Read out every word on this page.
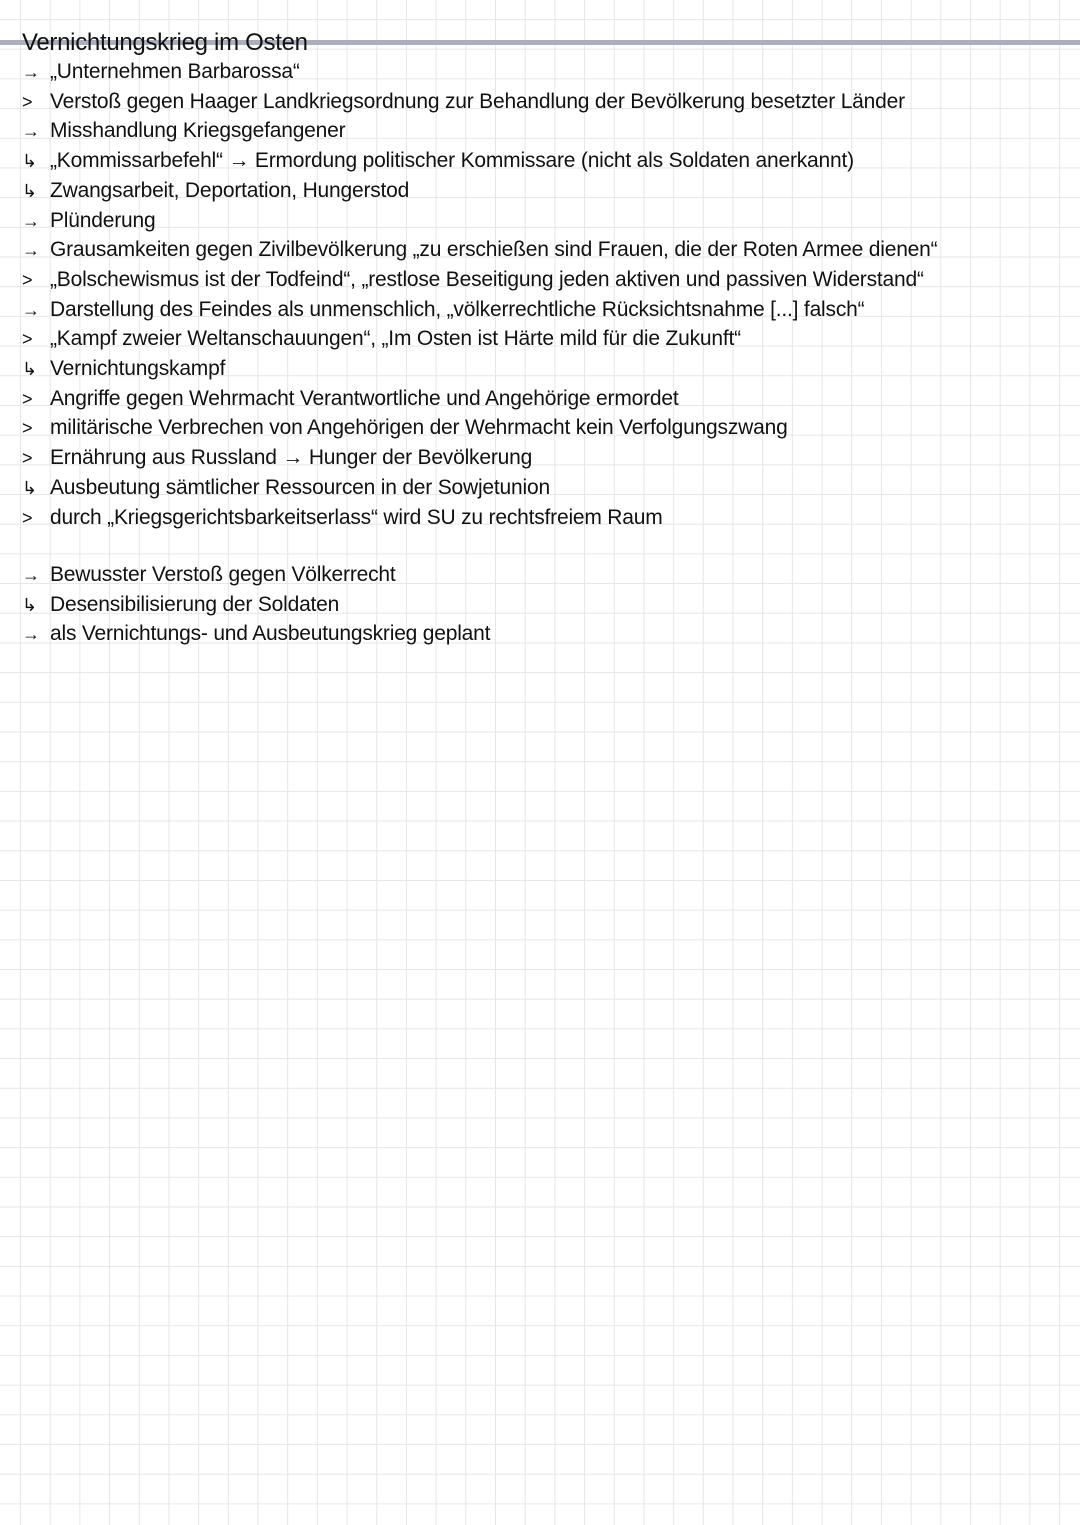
Vernichtungskrieg im Osten
→ „Unternehmen Barbarossa“
> Verstoß gegen Haager Landkriegsordnung zur Behandlung der Bevölkerung besetzter Länder
→ Misshandlung Kriegsgefangener
↳ „Kommissarbefehl“ → Ermordung politischer Kommissare (nicht als Soldaten anerkannt)
↳ Zwangsarbeit, Deportation, Hungerstod
→ Plünderung
→ Grausamkeiten gegen Zivilbevölkerung „zu erschießen sind Frauen, die der Roten Armee dienen“
> „Bolschewismus ist der Todfeind“, „restlose Beseitigung jeden aktiven und passiven Widerstand“
→ Darstellung des Feindes als unmenschlich, „völkerrechtliche Rücksichtsnahme [...] falsch“
> „Kampf zweier Weltanschauungen“, „Im Osten ist Härte mild für die Zukunft“
↳ Vernichtungskampf
> Angriffe gegen Wehrmacht Verantwortliche und Angehörige ermordet
> militärische Verbrechen von Angehörigen der Wehrmacht kein Verfolgungszwang
> Ernährung aus Russland → Hunger der Bevölkerung
↳ Ausbeutung sämtlicher Ressourcen in der Sowjetunion
> durch „Kriegsgerichtsbarkeitserlass“ wird SU zu rechtsfreiem Raum
→ Bewusster Verstoß gegen Völkerrecht
↳ Desensibilisierung der Soldaten
→ als Vernichtungs- und Ausbeutungskrieg geplant
